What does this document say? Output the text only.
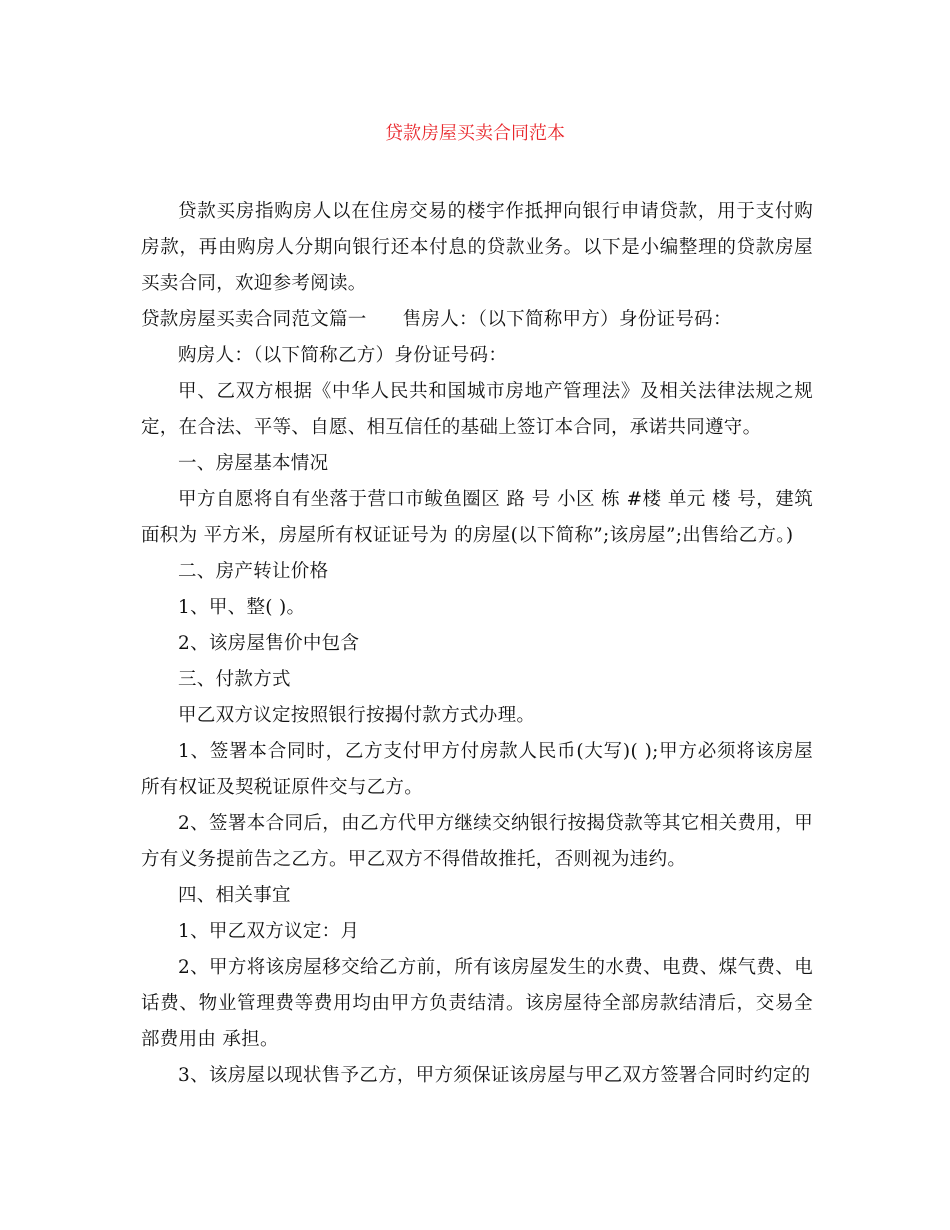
贷款房屋买卖合同范本

贷款买房指购房人以在住房交易的楼宇作抵押向银行申请贷款，用于支付购房款，再由购房人分期向银行还本付息的贷款业务。以下是小编整理的贷款房屋买卖合同，欢迎参考阅读。

贷款房屋买卖合同范文篇一 售房人：（以下简称甲方）身份证号码：

购房人：（以下简称乙方）身份证号码：

甲、乙双方根据《中华人民共和国城市房地产管理法》及相关法律法规之规定，在合法、平等、自愿、相互信任的基础上签订本合同，承诺共同遵守。

一、房屋基本情况

甲方自愿将自有坐落于营口市鲅鱼圈区 路 号 小区 栋 #楼 单元 楼 号，建筑面积为 平方米，房屋所有权证证号为 的房屋(以下简称”;该房屋”;出售给乙方。)

二、房产转让价格

1、甲、整( )。

2、该房屋售价中包含

三、付款方式

甲乙双方议定按照银行按揭付款方式办理。

1、签署本合同时，乙方支付甲方付房款人民币(大写)( );甲方必须将该房屋所有权证及契税证原件交与乙方。

2、签署本合同后，由乙方代甲方继续交纳银行按揭贷款等其它相关费用，甲方有义务提前告之乙方。甲乙双方不得借故推托，否则视为违约。

四、相关事宜

1、甲乙双方议定：月

2、甲方将该房屋移交给乙方前，所有该房屋发生的水费、电费、煤气费、电话费、物业管理费等费用均由甲方负责结清。该房屋待全部房款结清后，交易全部费用由 承担。

3、该房屋以现状售予乙方，甲方须保证该房屋与甲乙双方签署合同时约定的
